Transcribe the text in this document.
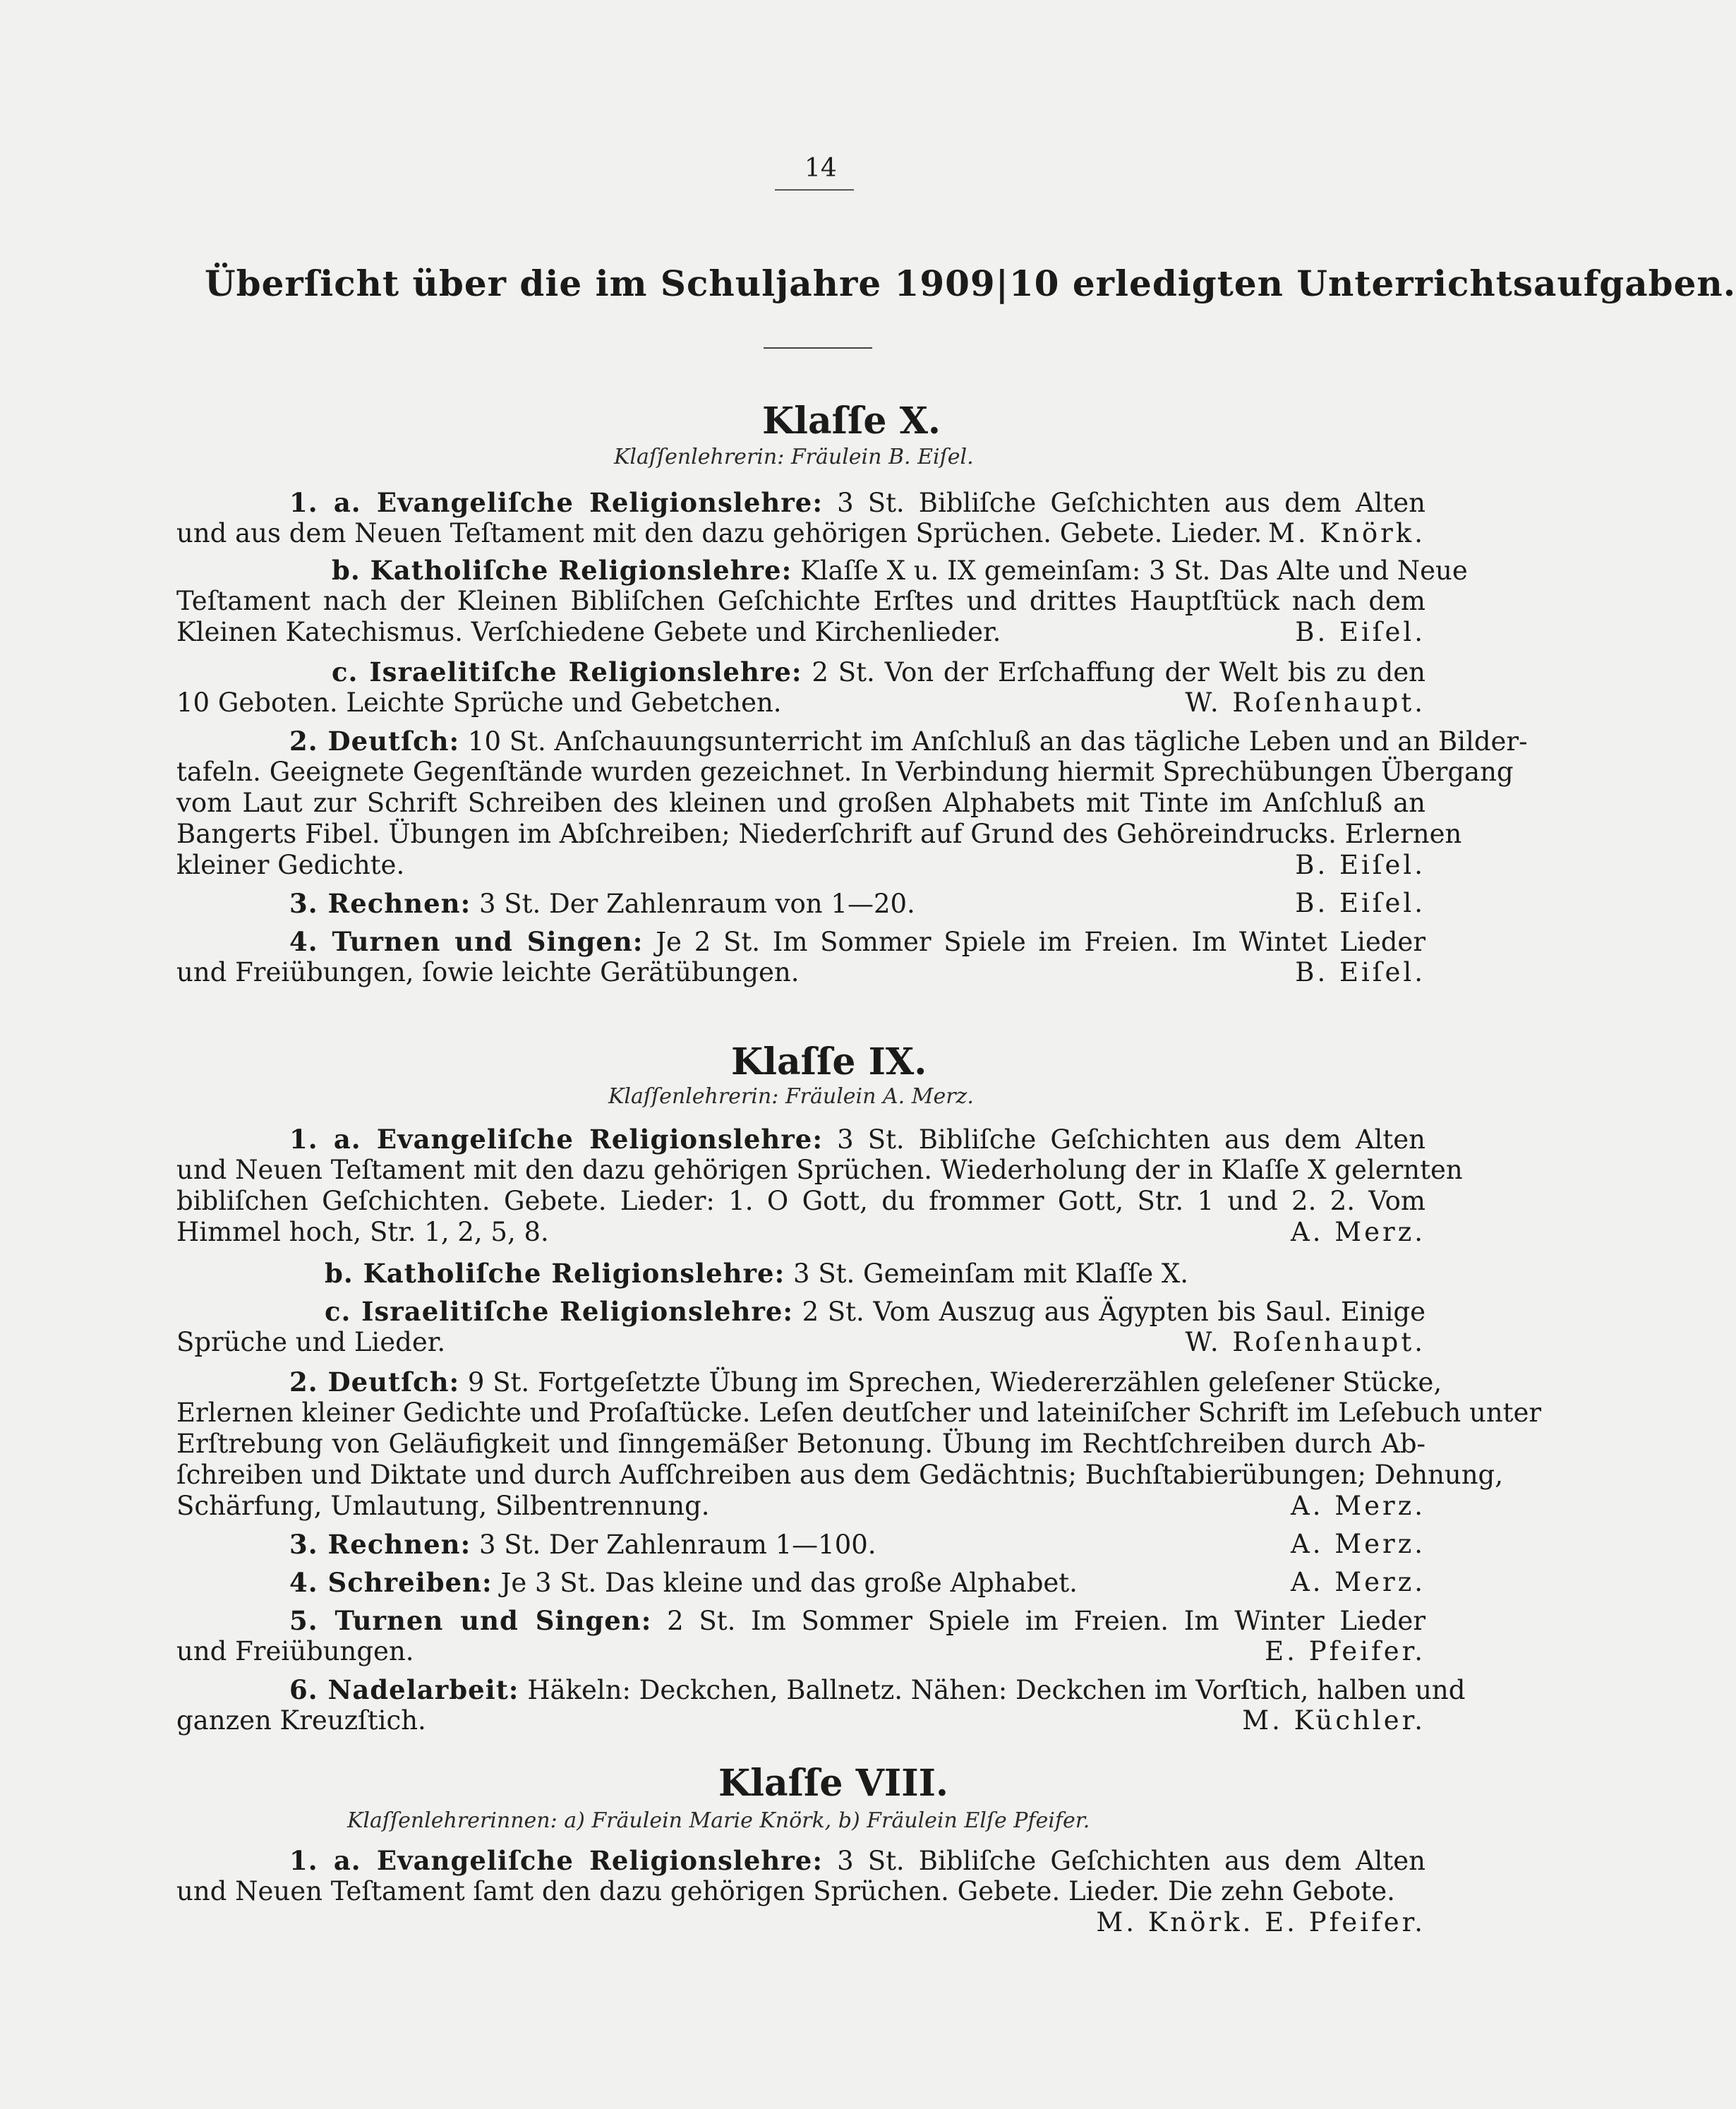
14
Überſicht über die im Schuljahre 1909|10 erledigten Unterrichtsaufgaben.
Klaſſe X.
Klaſſenlehrerin: Fräulein B. Eiſel.
1. a. Evangeliſche Religionslehre: 3 St. Bibliſche Geſchichten aus dem Alten
und aus dem Neuen Teſtament mit den dazu gehörigen Sprüchen. Gebete. Lieder. M. Knörk.
b. Katholiſche Religionslehre: Klaſſe X u. IX gemeinſam: 3 St. Das Alte und Neue
Teſtament nach der Kleinen Bibliſchen Geſchichte Erſtes und drittes Hauptſtück nach dem
Kleinen Katechismus. Verſchiedene Gebete und Kirchenlieder.	B. Eiſel.
c. Israelitiſche Religionslehre: 2 St. Von der Erſchaffung der Welt bis zu den
10 Geboten. Leichte Sprüche und Gebetchen.	W. Roſenhaupt.
2. Deutſch: 10 St. Anſchauungsunterricht im Anſchluß an das tägliche Leben und an Bilder-
tafeln. Geeignete Gegenſtände wurden gezeichnet. In Verbindung hiermit Sprechübungen Übergang
vom Laut zur Schrift Schreiben des kleinen und großen Alphabets mit Tinte im Anſchluß an
Bangerts Fibel. Übungen im Abſchreiben; Niederſchrift auf Grund des Gehöreindrucks. Erlernen
kleiner Gedichte.	B. Eiſel.
3. Rechnen: 3 St. Der Zahlenraum von 1—20.	B. Eiſel.
4. Turnen und Singen: Je 2 St. Im Sommer Spiele im Freien. Im Wintet Lieder
und Freiübungen, ſowie leichte Gerätübungen.	B. Eiſel.
Klaſſe IX.
Klaſſenlehrerin: Fräulein A. Merz.
1. a. Evangeliſche Religionslehre: 3 St. Bibliſche Geſchichten aus dem Alten
und Neuen Teſtament mit den dazu gehörigen Sprüchen. Wiederholung der in Klaſſe X gelernten
bibliſchen Geſchichten. Gebete. Lieder: 1. O Gott, du frommer Gott, Str. 1 und 2. 2. Vom
Himmel hoch, Str. 1, 2, 5, 8.	A. Merz.
b. Katholiſche Religionslehre: 3 St. Gemeinſam mit Klaſſe X.
c. Israelitiſche Religionslehre: 2 St. Vom Auszug aus Ägypten bis Saul. Einige
Sprüche und Lieder.	W. Roſenhaupt.
2. Deutſch: 9 St. Fortgeſetzte Übung im Sprechen, Wiedererzählen geleſener Stücke,
Erlernen kleiner Gedichte und Proſaſtücke. Leſen deutſcher und lateiniſcher Schrift im Leſebuch unter
Erſtrebung von Geläufigkeit und ſinngemäßer Betonung. Übung im Rechtſchreiben durch Ab-
ſchreiben und Diktate und durch Aufſchreiben aus dem Gedächtnis; Buchſtabierübungen; Dehnung,
Schärfung, Umlautung, Silbentrennung.	A. Merz.
3. Rechnen: 3 St. Der Zahlenraum 1—100.	A. Merz.
4. Schreiben: Je 3 St. Das kleine und das große Alphabet.	A. Merz.
5. Turnen und Singen: 2 St. Im Sommer Spiele im Freien. Im Winter Lieder
und Freiübungen.	E. Pfeifer.
6. Nadelarbeit: Häkeln: Deckchen, Ballnetz. Nähen: Deckchen im Vorſtich, halben und
ganzen Kreuzſtich.	M. Küchler.
Klaſſe VIII.
Klaſſenlehrerinnen: a) Fräulein Marie Knörk, b) Fräulein Elſe Pfeifer.
1. a. Evangeliſche Religionslehre: 3 St. Bibliſche Geſchichten aus dem Alten
und Neuen Teſtament ſamt den dazu gehörigen Sprüchen. Gebete. Lieder. Die zehn Gebote.
M. Knörk. E. Pfeifer.
